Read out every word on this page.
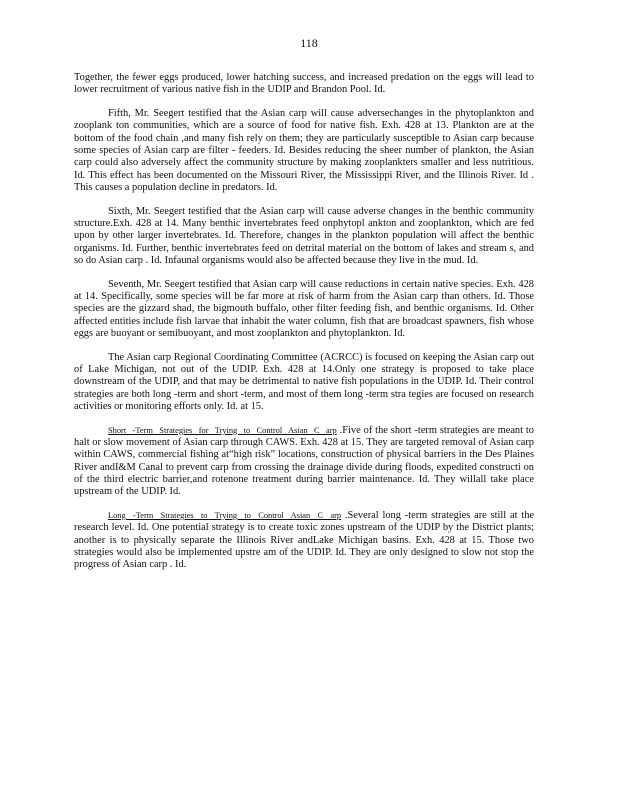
118

Together, the fewer eggs produced, lower hatching success, and increased predation on the eggs will lead to lower recruitment of various native fish in the UDIP and Brandon Pool. Id.

Fifth, Mr. Seegert testified that the Asian carp will cause adversechanges in the phytoplankton and zooplank ton communities, which are a source of food for native fish. Exh. 428 at 13. Plankton are at the bottom of the food chain ,and many fish rely on them; they are particularly susceptible to Asian carp because some species of Asian carp are filter - feeders. Id. Besides reducing the sheer number of plankton, the Asian carp could also adversely affect the community structure by making zooplankters smaller and less nutritious. Id. This effect has been documented on the Missouri River, the Mississippi River, and the Illinois River. Id . This causes a population decline in predators. Id.

Sixth, Mr. Seegert testified that the Asian carp will cause adverse changes in the benthic community structure.Exh. 428 at 14. Many benthic invertebrates feed onphytopl ankton and zooplankton, which are fed upon by other larger invertebrates. Id. Therefore, changes in the plankton population will affect the benthic organisms. Id. Further, benthic invertebrates feed on detrital material on the bottom of lakes and stream s, and so do Asian carp . Id. Infaunal organisms would also be affected because they live in the mud. Id.

Seventh, Mr. Seegert testified that Asian carp will cause reductions in certain native species. Exh. 428 at 14. Specifically, some species will be far more at risk of harm from the Asian carp than others. Id. Those species are the gizzard shad, the bigmouth buffalo, other filter feeding fish, and benthic organisms. Id. Other affected entities include fish larvae that inhabit the water column, fish that are broadcast spawners, fish whose eggs are buoyant or semibuoyant, and most zooplankton and phytoplankton. Id.

The Asian carp Regional Coordinating Committee (ACRCC) is focused on keeping the Asian carp out of Lake Michigan, not out of the UDIP. Exh. 428 at 14.Only one strategy is proposed to take place downstream of the UDIP, and that may be detrimental to native fish populations in the UDIP. Id. Their control strategies are both long -term and short -term, and most of them long -term stra tegies are focused on research activities or monitoring efforts only. Id. at 15.

Short -Term Strategies for Trying to Control Asian C arp .Five of the short -term strategies are meant to halt or slow movement of Asian carp through CAWS. Exh. 428 at 15. They are targeted removal of Asian carp within CAWS, commercial fishing at“high risk” locations, construction of physical barriers in the Des Plaines River andI&M Canal to prevent carp from crossing the drainage divide during floods, expedited constructi on of the third electric barrier,and rotenone treatment during barrier maintenance. Id. They willall take place upstream of the UDIP. Id.

Long -Term Strategies to Trying to Control Asian C arp .Several long -term strategies are still at the research level. Id. One potential strategy is to create toxic zones upstream of the UDIP by the District plants; another is to physically separate the Illinois River andLake Michigan basins. Exh. 428 at 15. Those two strategies would also be implemented upstre am of the UDIP. Id. They are only designed to slow not stop the progress of Asian carp . Id.
